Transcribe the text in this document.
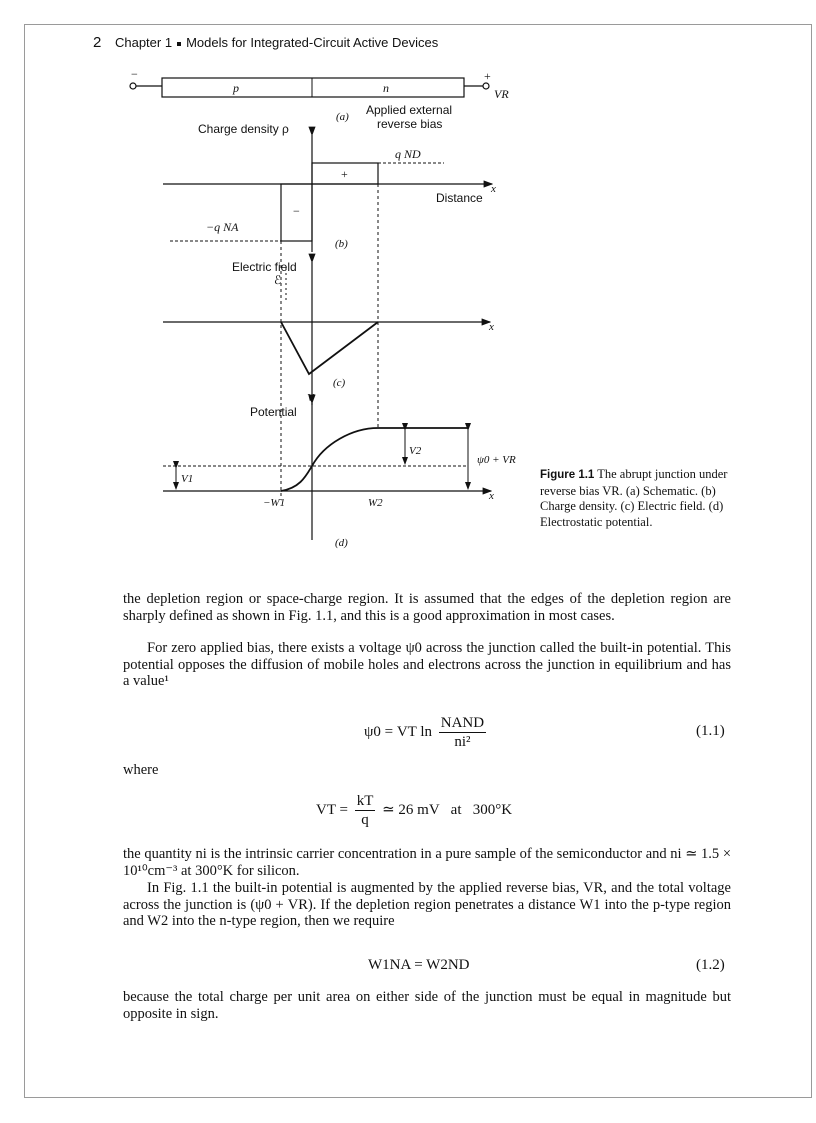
2 Chapter 1 Models for Integrated-Circuit Active Devices
−	+
VR
p	n
(a) Applied external
reverse bias
Charge density ρ
q ND
−q NA
+
−
Distance
x
(b)
Electric field
ℰ
x
(c)
V
Potential
V2
ψ0 + VR
V1
−W1	W2
x
(d)
Figure 1.1 The abrupt junction under reverse bias VR. (a) Schematic. (b) Charge density. (c) Electric field. (d) Electrostatic potential.
the depletion region or space-charge region. It is assumed that the edges of the depletion region are sharply defined as shown in Fig. 1.1, and this is a good approximation in most cases.
For zero applied bias, there exists a voltage ψ0 across the junction called the built-in potential. This potential opposes the diffusion of mobile holes and electrons across the junction in equilibrium and has a value¹
ψ0 = VT $\ln \frac{\text{NAND}}{\text{ni²}}$	(1.1)
where
VT = $\frac{kT}{q}$ ≃ 26 mV   at   300°K
the quantity ni is the intrinsic carrier concentration in a pure sample of the semiconductor and ni ≃ 1.5 × 10¹⁰cm⁻³ at 300°K for silicon.
In Fig. 1.1 the built-in potential is augmented by the applied reverse bias, VR, and the total voltage across the junction is (ψ0 + VR). If the depletion region penetrates a distance W1 into the p-type region and W2 into the n-type region, then we require
W1NA = W2ND	(1.2)
because the total charge per unit area on either side of the junction must be equal in magnitude but opposite in sign.
